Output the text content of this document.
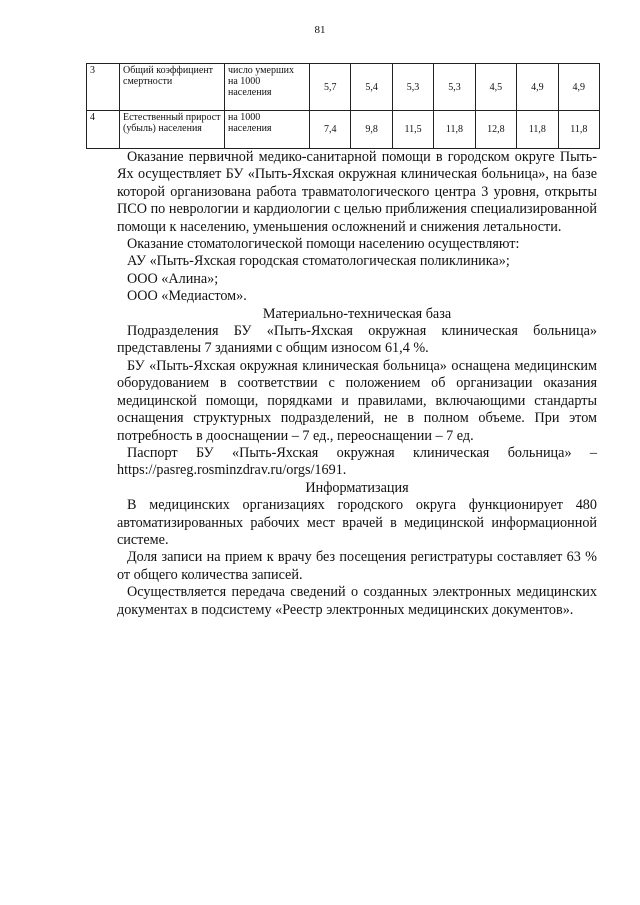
81
3	Общий коэффициент смертности	число умерших на 1000 населения	5,7	5,4	5,3	5,3	4,5	4,9	4,9
4	Естественный прирост (убыль) населения	на 1000 населения	7,4	9,8	11,5	11,8	12,8	11,8	11,8

Оказание первичной медико-санитарной помощи в городском округе Пыть-Ях осуществляет БУ «Пыть-Яхская окружная клиническая больница», на базе которой организована работа травматологического центра 3 уровня, открыты ПСО по неврологии и кардиологии с целью приближения специализированной помощи к населению, уменьшения осложнений и снижения летальности.

Оказание стоматологической помощи населению осуществляют:

АУ «Пыть-Яхская городская стоматологическая поликлиника»;

ООО «Алина»;

ООО «Медиастом».

Материально-техническая база

Подразделения БУ «Пыть-Яхская окружная клиническая больница» представлены 7 зданиями с общим износом 61,4 %.

БУ «Пыть-Яхская окружная клиническая больница» оснащена медицинским оборудованием в соответствии с положением об организации оказания медицинской помощи, порядками и правилами, включающими стандарты оснащения структурных подразделений, не в полном объеме. При этом потребность в дооснащении – 7 ед., переоснащении – 7 ед.

Паспорт БУ «Пыть-Яхская окружная клиническая больница» – https://pasreg.rosminzdrav.ru/orgs/1691.

Информатизация

В медицинских организациях городского округа функционирует 480 автоматизированных рабочих мест врачей в медицинской информационной системе.

Доля записи на прием к врачу без посещения регистратуры составляет 63 % от общего количества записей.

Осуществляется передача сведений о созданных электронных медицинских документах в подсистему «Реестр электронных медицинских документов».
